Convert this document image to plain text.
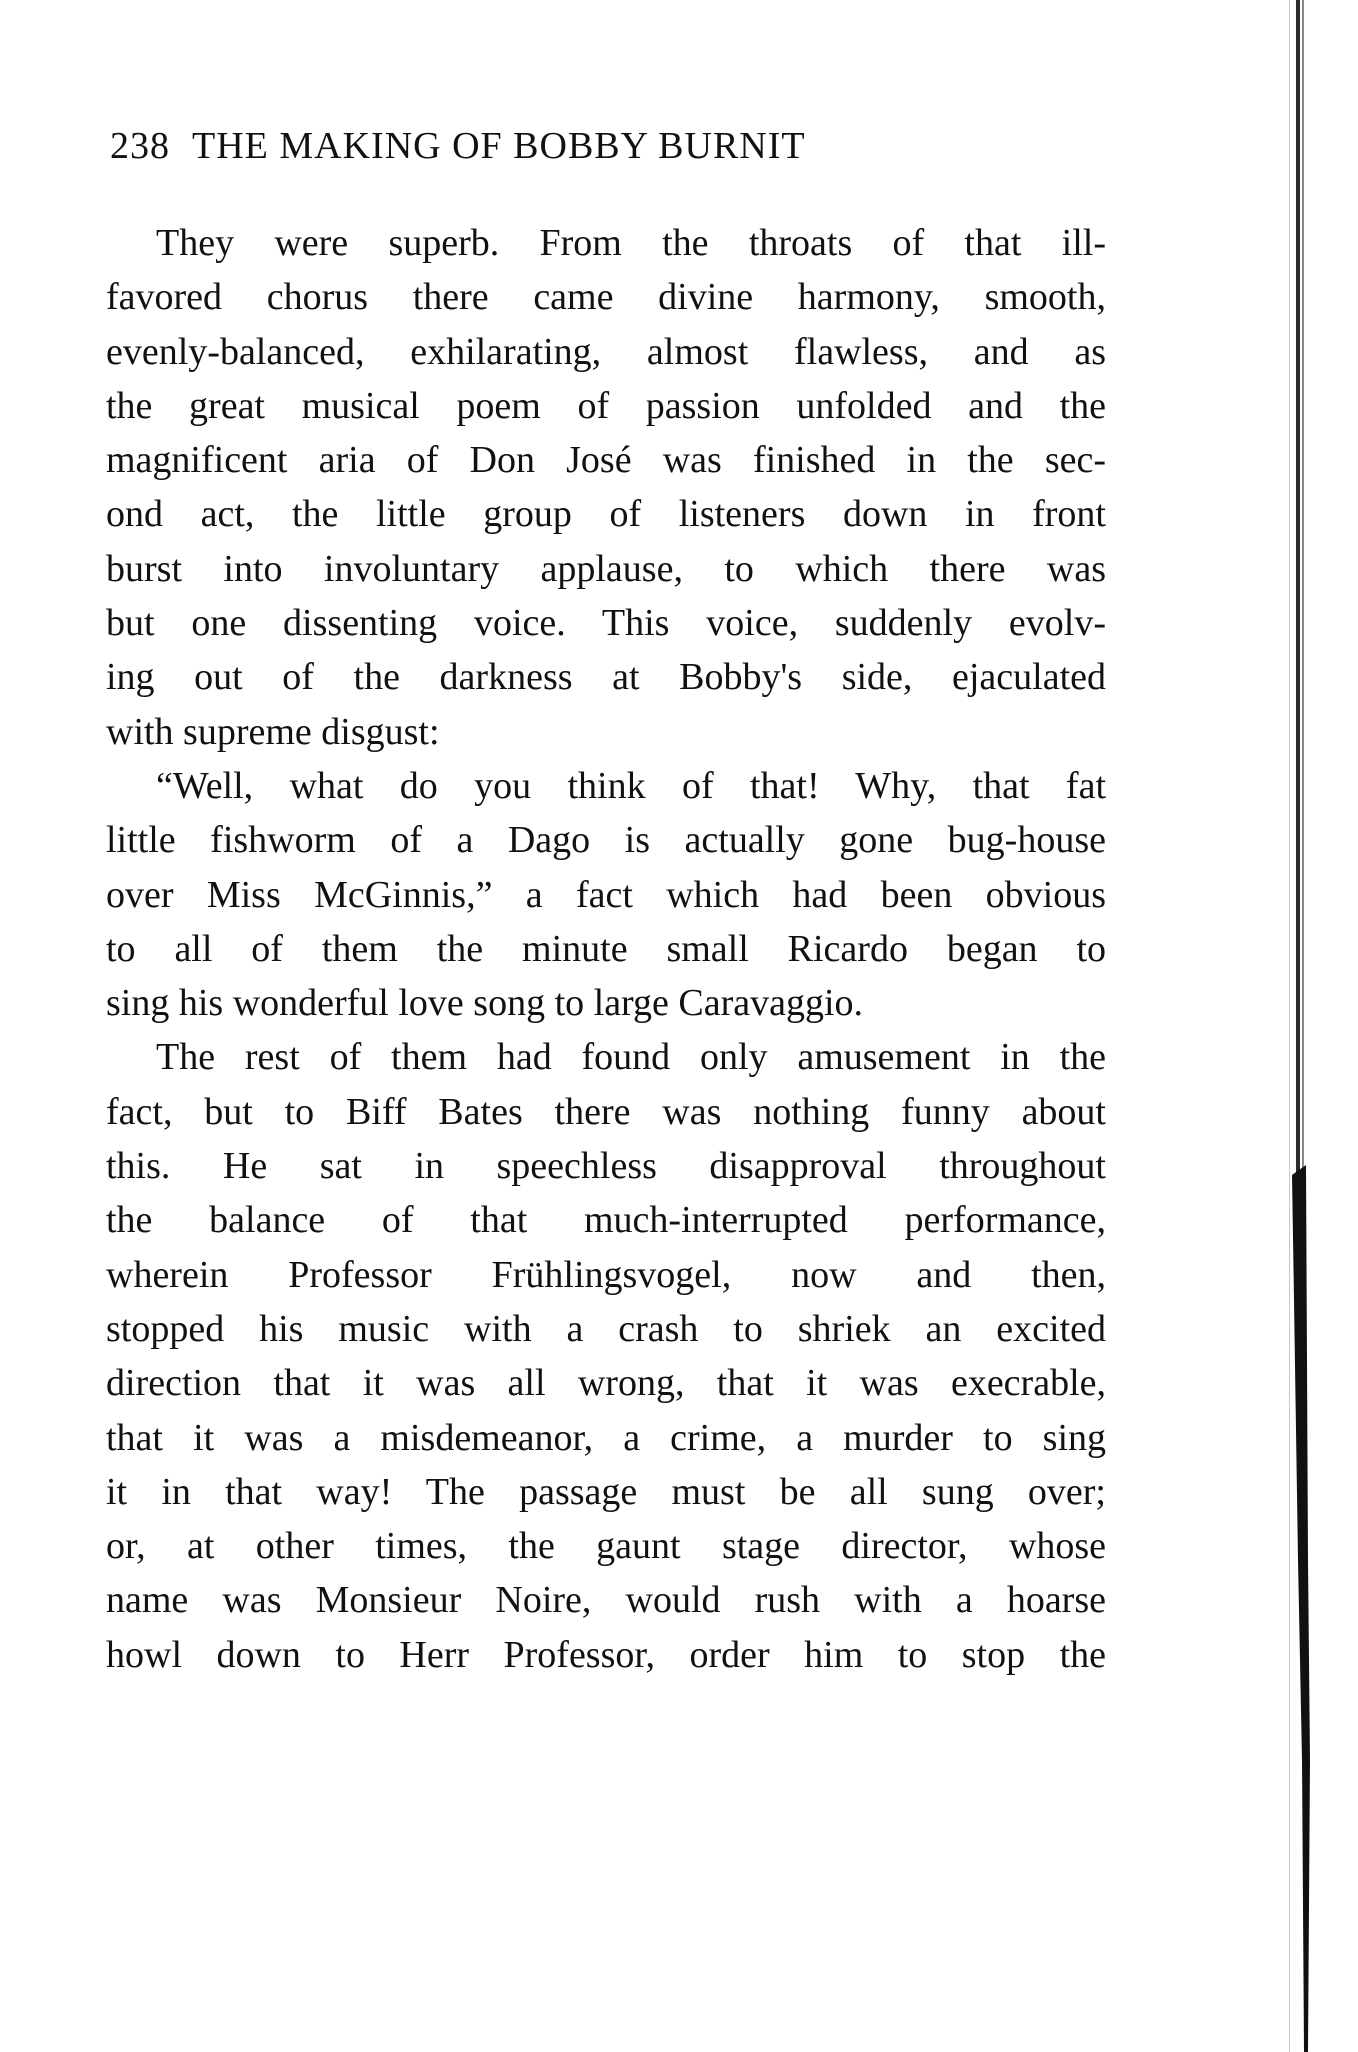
238 THE MAKING OF BOBBY BURNIT
They were superb. From the throats of that ill-
favored chorus there came divine harmony, smooth,
evenly-balanced, exhilarating, almost flawless, and as
the great musical poem of passion unfolded and the
magnificent aria of Don José was finished in the sec-
ond act, the little group of listeners down in front
burst into involuntary applause, to which there was
but one dissenting voice. This voice, suddenly evolv-
ing out of the darkness at Bobby's side, ejaculated
with supreme disgust:
“Well, what do you think of that! Why, that fat
little fishworm of a Dago is actually gone bug-house
over Miss McGinnis,” a fact which had been obvious
to all of them the minute small Ricardo began to
sing his wonderful love song to large Caravaggio.
The rest of them had found only amusement in the
fact, but to Biff Bates there was nothing funny about
this. He sat in speechless disapproval throughout
the balance of that much-interrupted performance,
wherein Professor Frühlingsvogel, now and then,
stopped his music with a crash to shriek an excited
direction that it was all wrong, that it was execrable,
that it was a misdemeanor, a crime, a murder to sing
it in that way! The passage must be all sung over;
or, at other times, the gaunt stage director, whose
name was Monsieur Noire, would rush with a hoarse
howl down to Herr Professor, order him to stop the
